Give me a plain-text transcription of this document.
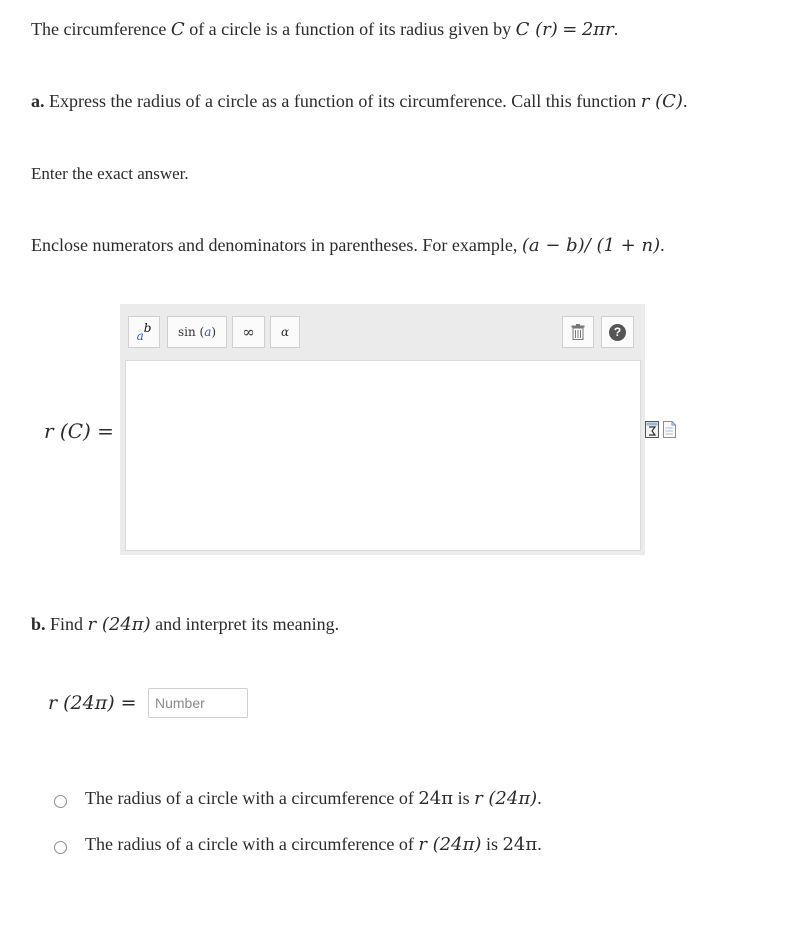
The circumference C of a circle is a function of its radius given by C (r) = 2πr.
a. Express the radius of a circle as a function of its circumference. Call this function r (C).
Enter the exact answer.
Enclose numerators and denominators in parentheses. For example, (a − b)/ (1 + n).
r (C) =
a
b sin ( a )	∞	α	?
b. Find r (24π) and interpret its meaning.
r (24π) =
Number
The radius of a circle with a circumference of 24π is r (24π).
The radius of a circle with a circumference of r (24π) is 24π.
